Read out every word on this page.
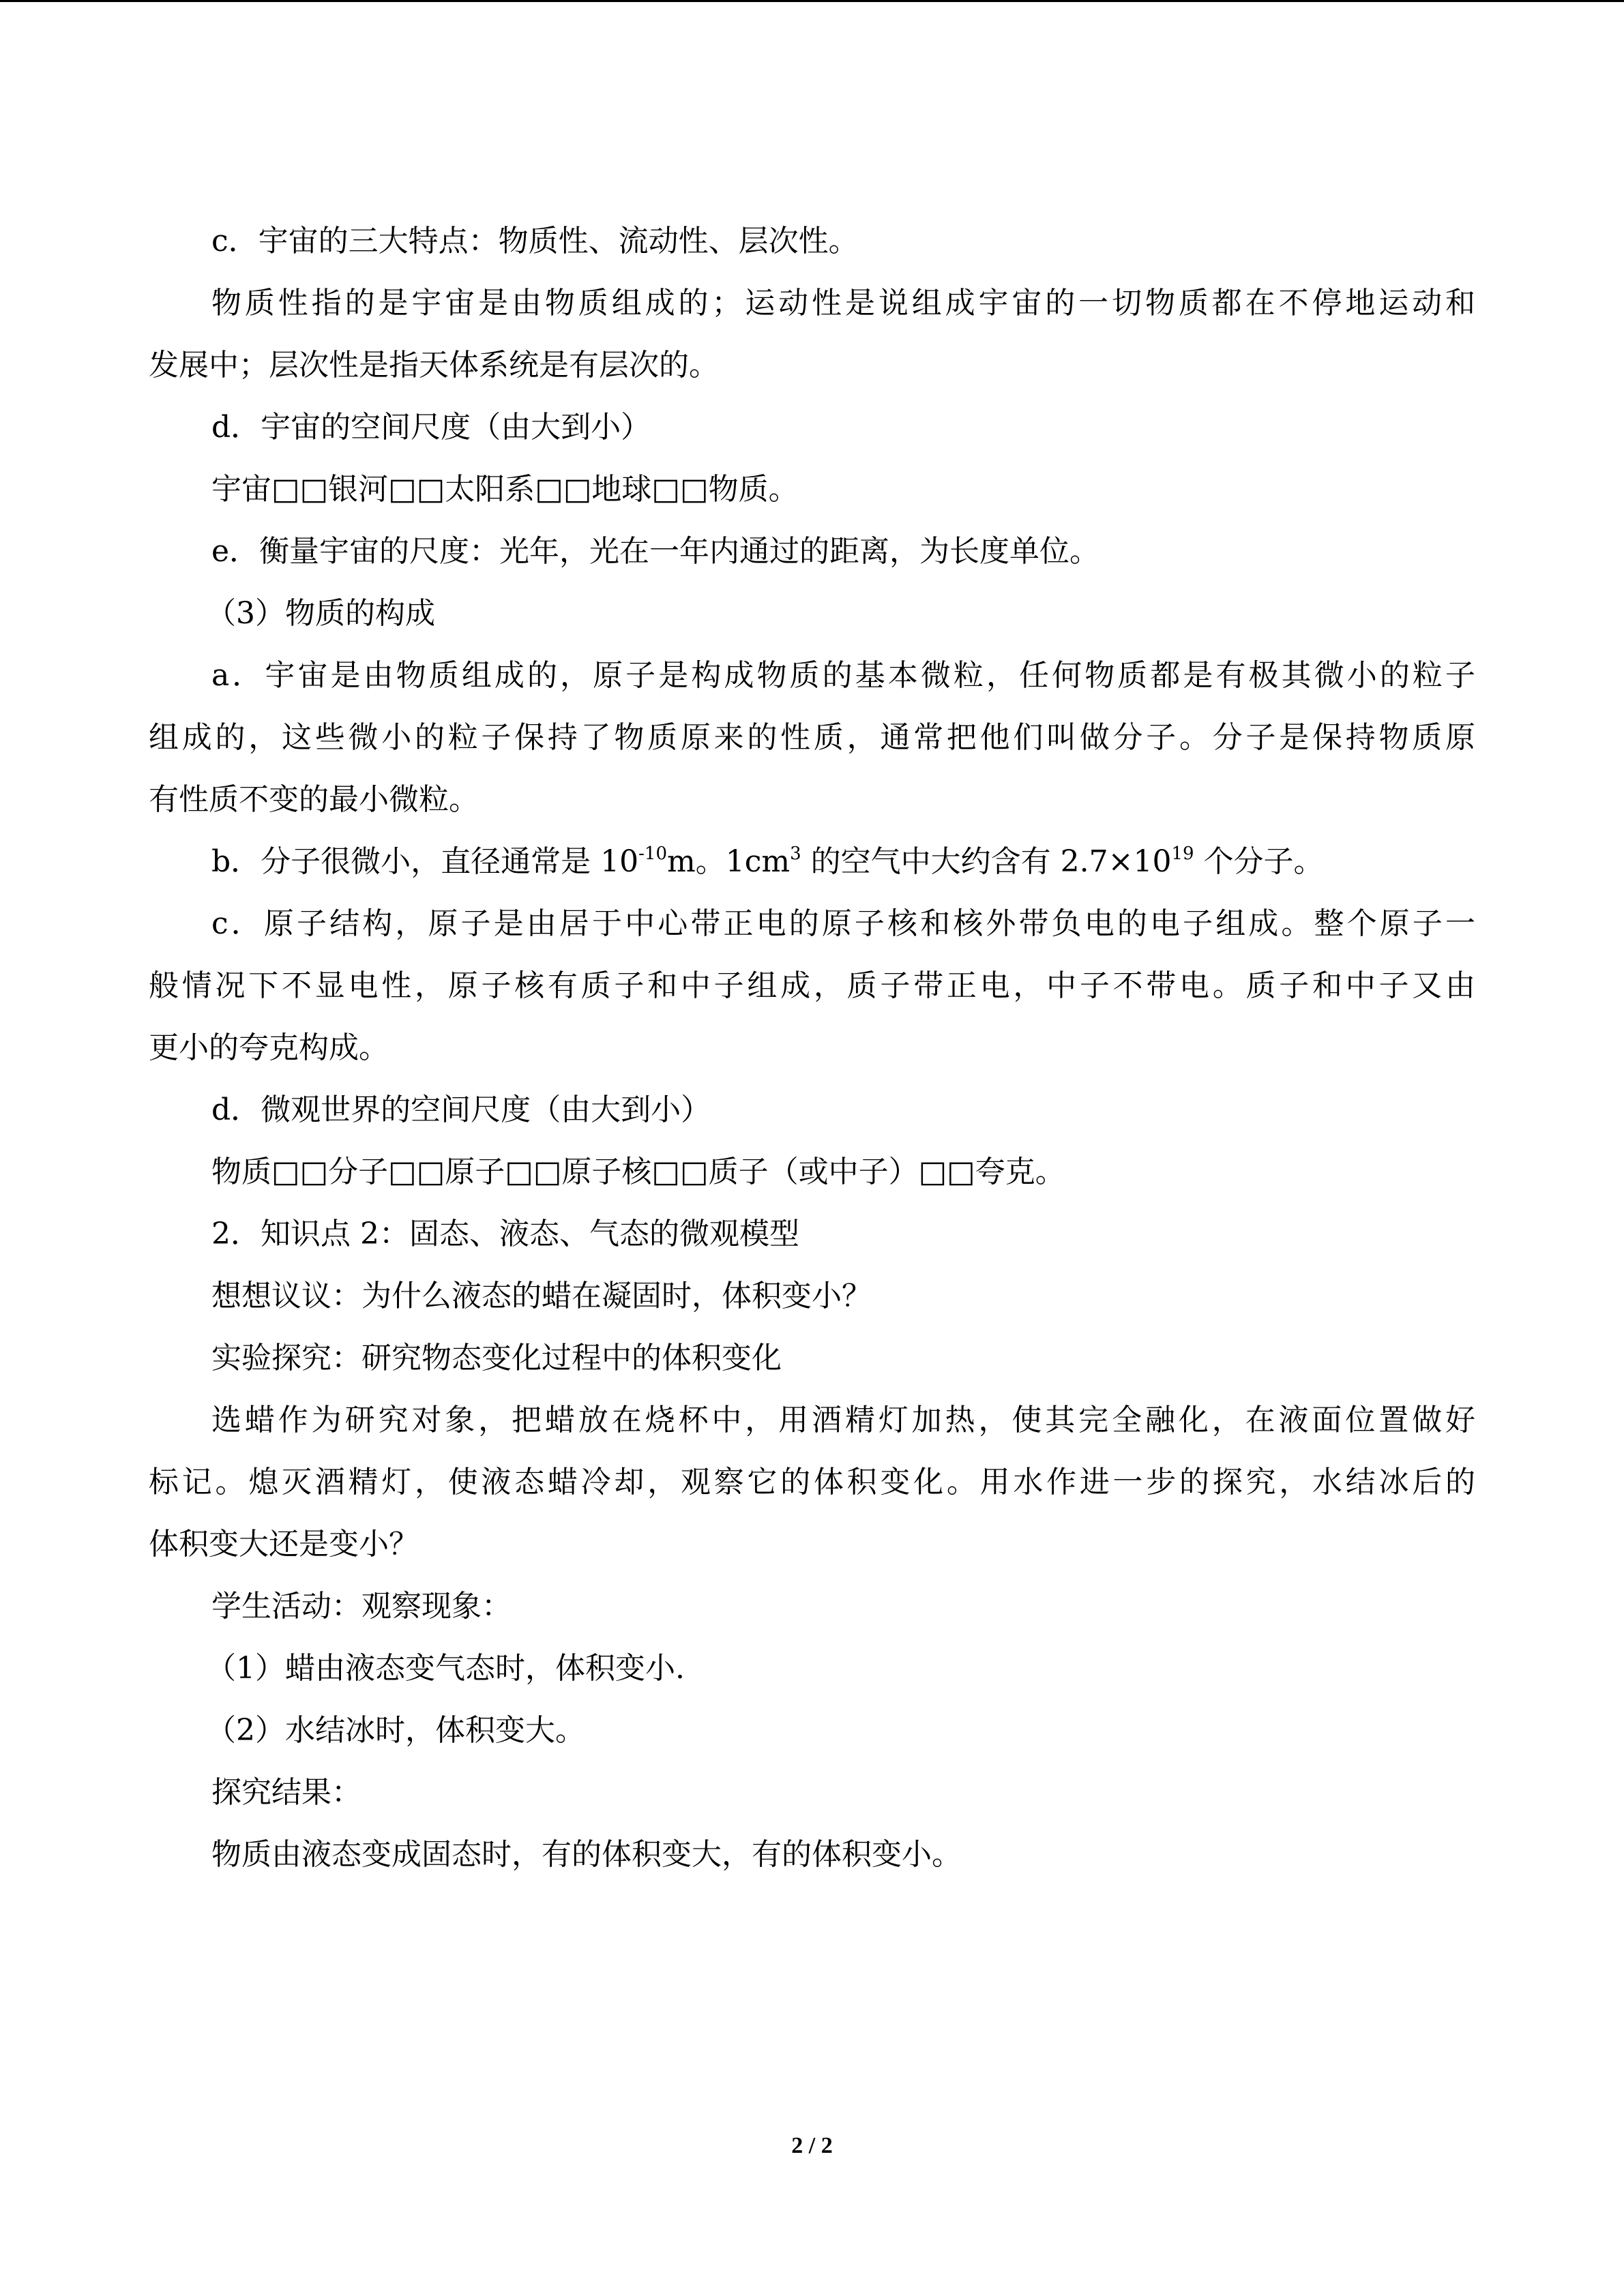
c．宇宙的三大特点：物质性、流动性、层次性。

物质性指的是宇宙是由物质组成的；运动性是说组成宇宙的一切物质都在不停地运动和

发展中；层次性是指天体系统是有层次的。

d．宇宙的空间尺度（由大到小）

宇宙□□银河□□太阳系□□地球□□物质。

e．衡量宇宙的尺度：光年，光在一年内通过的距离，为长度单位。

（3）物质的构成

a．宇宙是由物质组成的，原子是构成物质的基本微粒，任何物质都是有极其微小的粒子

组成的，这些微小的粒子保持了物质原来的性质，通常把他们叫做分子。分子是保持物质原

有性质不变的最小微粒。

b．分子很微小，直径通常是 $10^{-10}m$。$1cm^3$ 的空气中大约含有 $2.7\times 10^{19}$ 个分子。

c．原子结构，原子是由居于中心带正电的原子核和核外带负电的电子组成。整个原子一

般情况下不显电性，原子核有质子和中子组成，质子带正电，中子不带电。质子和中子又由

更小的夸克构成。

d．微观世界的空间尺度（由大到小）

物质□□分子□□原子□□原子核□□质子（或中子）□□夸克。

2．知识点 2：固态、液态、气态的微观模型

想想议议：为什么液态的蜡在凝固时，体积变小？

实验探究：研究物态变化过程中的体积变化

选蜡作为研究对象，把蜡放在烧杯中，用酒精灯加热，使其完全融化，在液面位置做好

标记。熄灭酒精灯，使液态蜡冷却，观察它的体积变化。用水作进一步的探究，水结冰后的

体积变大还是变小？

学生活动：观察现象：

（1）蜡由液态变气态时，体积变小.

（2）水结冰时，体积变大。

探究结果：

物质由液态变成固态时，有的体积变大，有的体积变小。

2 / 2
